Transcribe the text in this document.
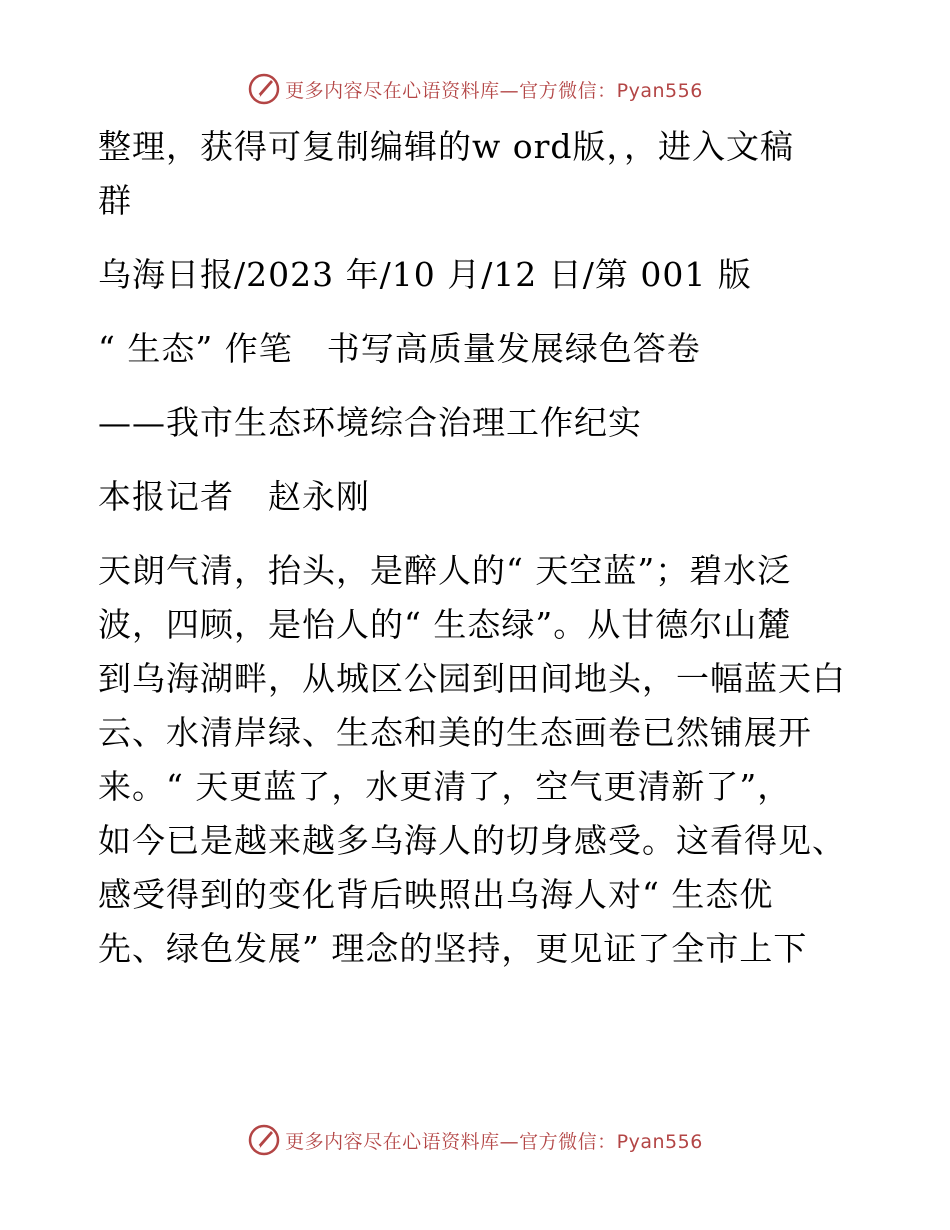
更多内容尽在心语资料库—官方微信：Pyan556
整理，获得可复制编辑的w ord版，，进入文稿
群
乌海日报/2023 年/10 月/12 日/第 001 版
“ 生态” 作笔　书写高质量发展绿色答卷
——我市生态环境综合治理工作纪实
本报记者　赵永刚
天朗气清，抬头，是醉人的“ 天空蓝”；碧水泛
波，四顾，是怡人的“ 生态绿”。从甘德尔山麓
到乌海湖畔，从城区公园到田间地头，一幅蓝天白
云、水清岸绿、生态和美的生态画卷已然铺展开
来。“ 天更蓝了，水更清了，空气更清新了”，
如今已是越来越多乌海人的切身感受。这看得见、
感受得到的变化背后映照出乌海人对“ 生态优
先、绿色发展” 理念的坚持，更见证了全市上下
更多内容尽在心语资料库—官方微信：Pyan556
